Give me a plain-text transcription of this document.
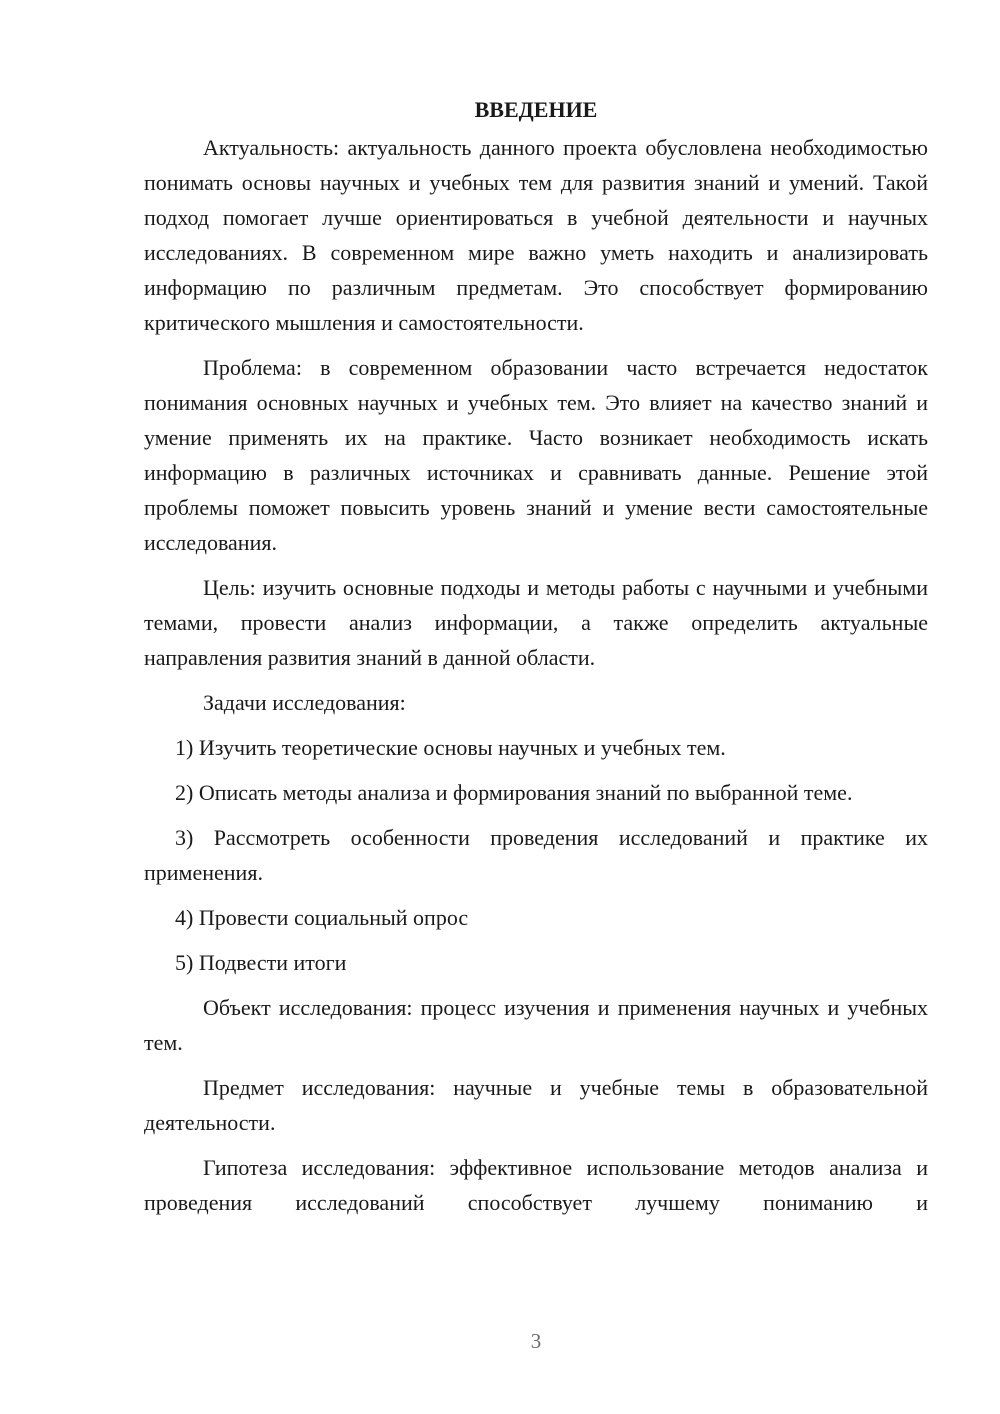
ВВЕДЕНИЕ

Актуальность: актуальность данного проекта обусловлена необходимостью понимать основы научных и учебных тем для развития знаний и умений. Такой подход помогает лучше ориентироваться в учебной деятельности и научных исследованиях. В современном мире важно уметь находить и анализировать информацию по различным предметам. Это способствует формированию критического мышления и самостоятельности.

Проблема: в современном образовании часто встречается недостаток понимания основных научных и учебных тем. Это влияет на качество знаний и умение применять их на практике. Часто возникает необходимость искать информацию в различных источниках и сравнивать данные. Решение этой проблемы поможет повысить уровень знаний и умение вести самостоятельные исследования.

Цель: изучить основные подходы и методы работы с научными и учебными темами, провести анализ информации, а также определить актуальные направления развития знаний в данной области.

Задачи исследования:

1) Изучить теоретические основы научных и учебных тем.

2) Описать методы анализа и формирования знаний по выбранной теме.

3) Рассмотреть особенности проведения исследований и практике их применения.

4) Провести социальный опрос

5) Подвести итоги

Объект исследования: процесс изучения и применения научных и учебных тем.

Предмет исследования: научные и учебные темы в образовательной деятельности.

Гипотеза исследования: эффективное использование методов анализа и проведения исследований способствует лучшему пониманию и

3
